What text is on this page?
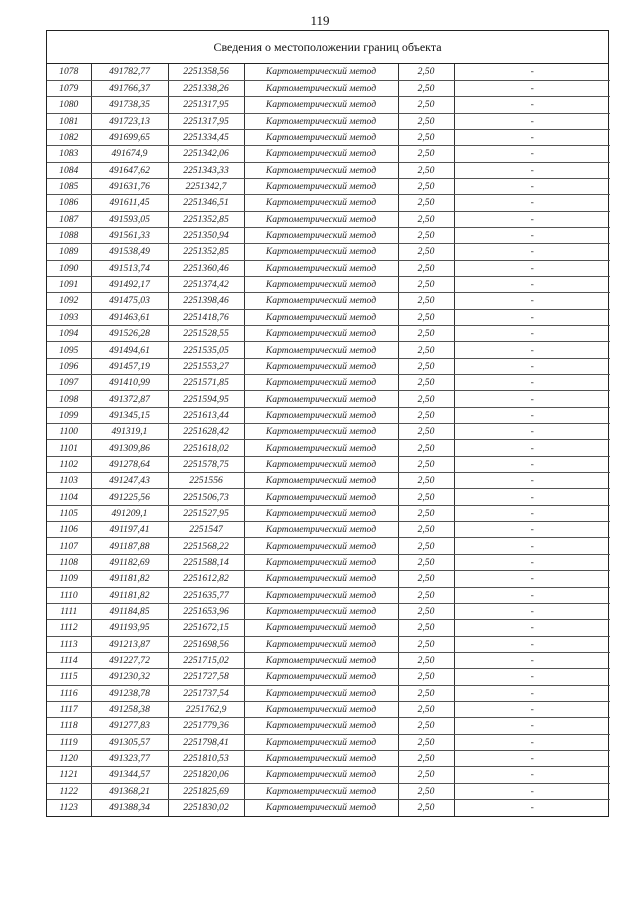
119
Сведения о местоположении границ объекта
1078	491782,77	2251358,56	Картометрический метод	2,50	-
1079	491766,37	2251338,26	Картометрический метод	2,50	-
1080	491738,35	2251317,95	Картометрический метод	2,50	-
1081	491723,13	2251317,95	Картометрический метод	2,50	-
1082	491699,65	2251334,45	Картометрический метод	2,50	-
1083	491674,9	2251342,06	Картометрический метод	2,50	-
1084	491647,62	2251343,33	Картометрический метод	2,50	-
1085	491631,76	2251342,7	Картометрический метод	2,50	-
1086	491611,45	2251346,51	Картометрический метод	2,50	-
1087	491593,05	2251352,85	Картометрический метод	2,50	-
1088	491561,33	2251350,94	Картометрический метод	2,50	-
1089	491538,49	2251352,85	Картометрический метод	2,50	-
1090	491513,74	2251360,46	Картометрический метод	2,50	-
1091	491492,17	2251374,42	Картометрический метод	2,50	-
1092	491475,03	2251398,46	Картометрический метод	2,50	-
1093	491463,61	2251418,76	Картометрический метод	2,50	-
1094	491526,28	2251528,55	Картометрический метод	2,50	-
1095	491494,61	2251535,05	Картометрический метод	2,50	-
1096	491457,19	2251553,27	Картометрический метод	2,50	-
1097	491410,99	2251571,85	Картометрический метод	2,50	-
1098	491372,87	2251594,95	Картометрический метод	2,50	-
1099	491345,15	2251613,44	Картометрический метод	2,50	-
1100	491319,1	2251628,42	Картометрический метод	2,50	-
1101	491309,86	2251618,02	Картометрический метод	2,50	-
1102	491278,64	2251578,75	Картометрический метод	2,50	-
1103	491247,43	2251556	Картометрический метод	2,50	-
1104	491225,56	2251506,73	Картометрический метод	2,50	-
1105	491209,1	2251527,95	Картометрический метод	2,50	-
1106	491197,41	2251547	Картометрический метод	2,50	-
1107	491187,88	2251568,22	Картометрический метод	2,50	-
1108	491182,69	2251588,14	Картометрический метод	2,50	-
1109	491181,82	2251612,82	Картометрический метод	2,50	-
1110	491181,82	2251635,77	Картометрический метод	2,50	-
1111	491184,85	2251653,96	Картометрический метод	2,50	-
1112	491193,95	2251672,15	Картометрический метод	2,50	-
1113	491213,87	2251698,56	Картометрический метод	2,50	-
1114	491227,72	2251715,02	Картометрический метод	2,50	-
1115	491230,32	2251727,58	Картометрический метод	2,50	-
1116	491238,78	2251737,54	Картометрический метод	2,50	-
1117	491258,38	2251762,9	Картометрический метод	2,50	-
1118	491277,83	2251779,36	Картометрический метод	2,50	-
1119	491305,57	2251798,41	Картометрический метод	2,50	-
1120	491323,77	2251810,53	Картометрический метод	2,50	-
1121	491344,57	2251820,06	Картометрический метод	2,50	-
1122	491368,21	2251825,69	Картометрический метод	2,50	-
1123	491388,34	2251830,02	Картометрический метод	2,50	-
